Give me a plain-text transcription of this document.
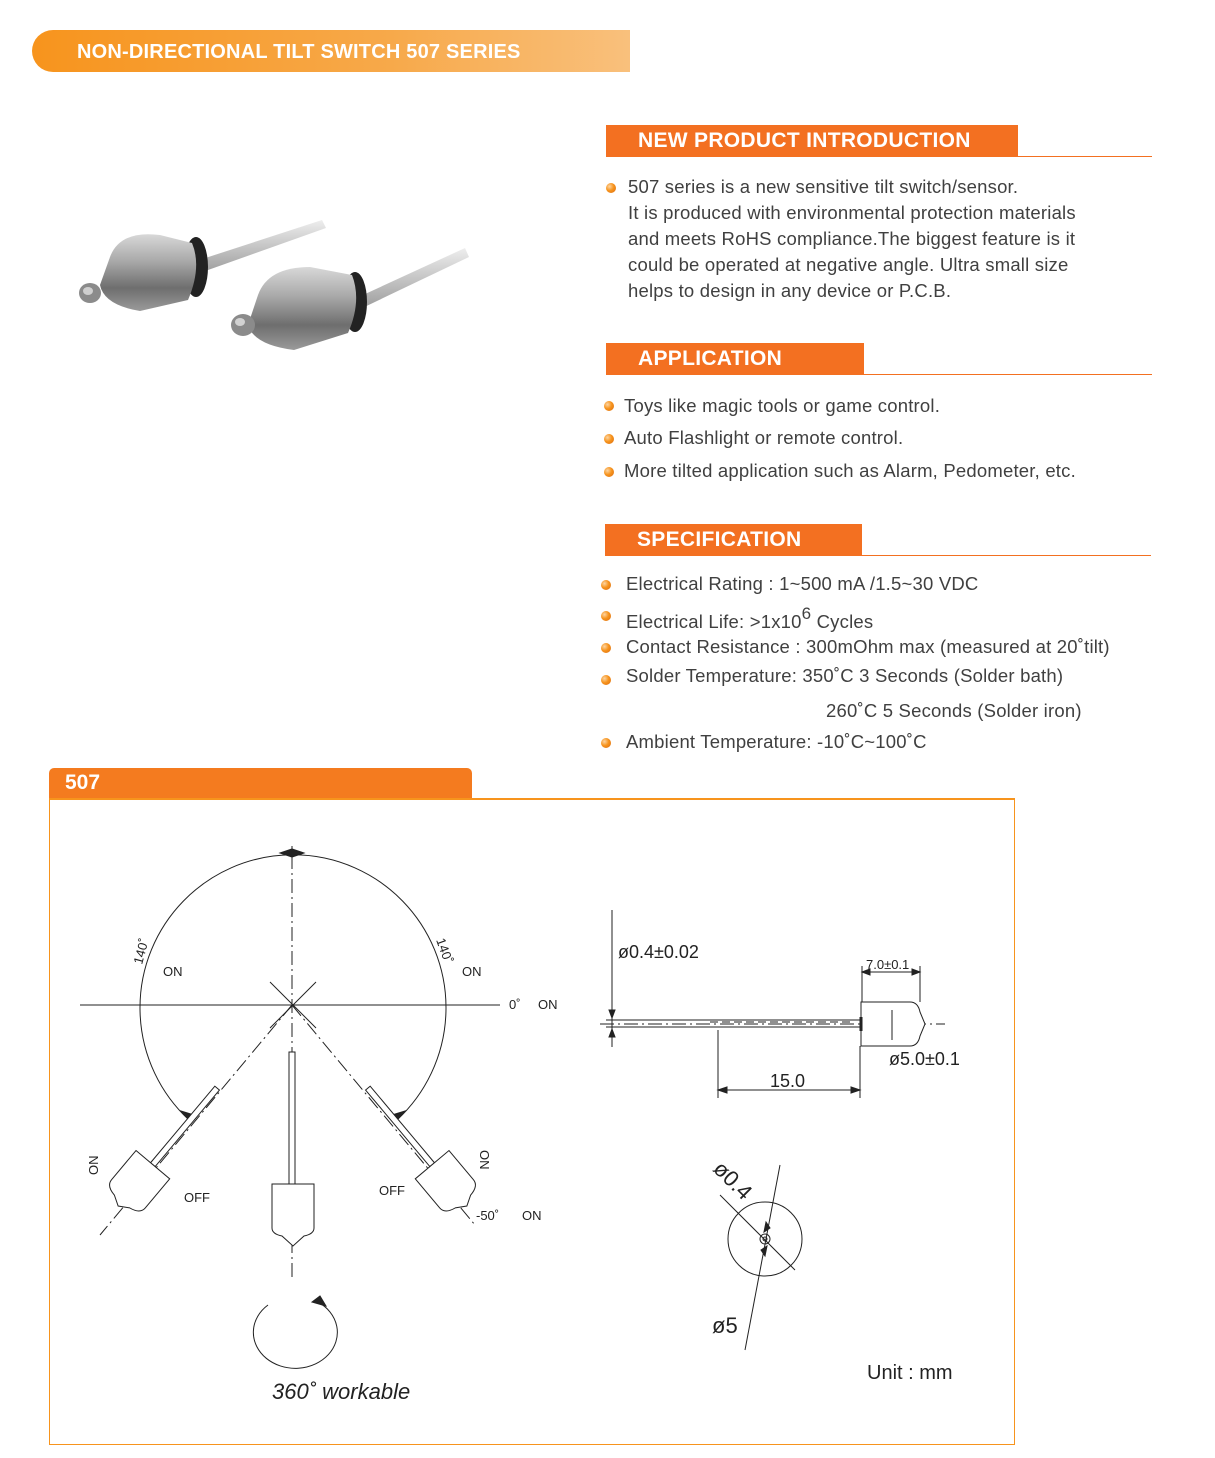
NON-DIRECTIONAL TILT SWITCH 507 SERIES
NEW PRODUCT INTRODUCTION
507 series is a new sensitive tilt switch/sensor.
It is produced with environmental protection materials
and meets RoHS compliance.The biggest feature is it
could be operated at negative angle. Ultra small size
helps to design in any device or P.C.B.
APPLICATION
Toys like magic tools or game control.
Auto Flashlight or remote control.
More tilted application such as Alarm, Pedometer, etc.
SPECIFICATION
Electrical Rating : 1~500 mA /1.5~30 VDC
Electrical Life: $>1x10^6$ Cycles
Contact Resistance : 300mOhm max (measured at 20˚tilt)
Solder Temperature: 350˚C 3 Seconds (Solder bath)
260˚C 5 Seconds (Solder iron)
Ambient Temperature: -10˚C~100˚C
507
140˚	140˚
ON	ON
0˚ ON
ON	ON
OFF	OFF
-50˚ ON
360˚ workable
ø0.4±0.02
7.0±0.1
ø5.0±0.1
15.0
ø0.4
ø5
Unit : mm
